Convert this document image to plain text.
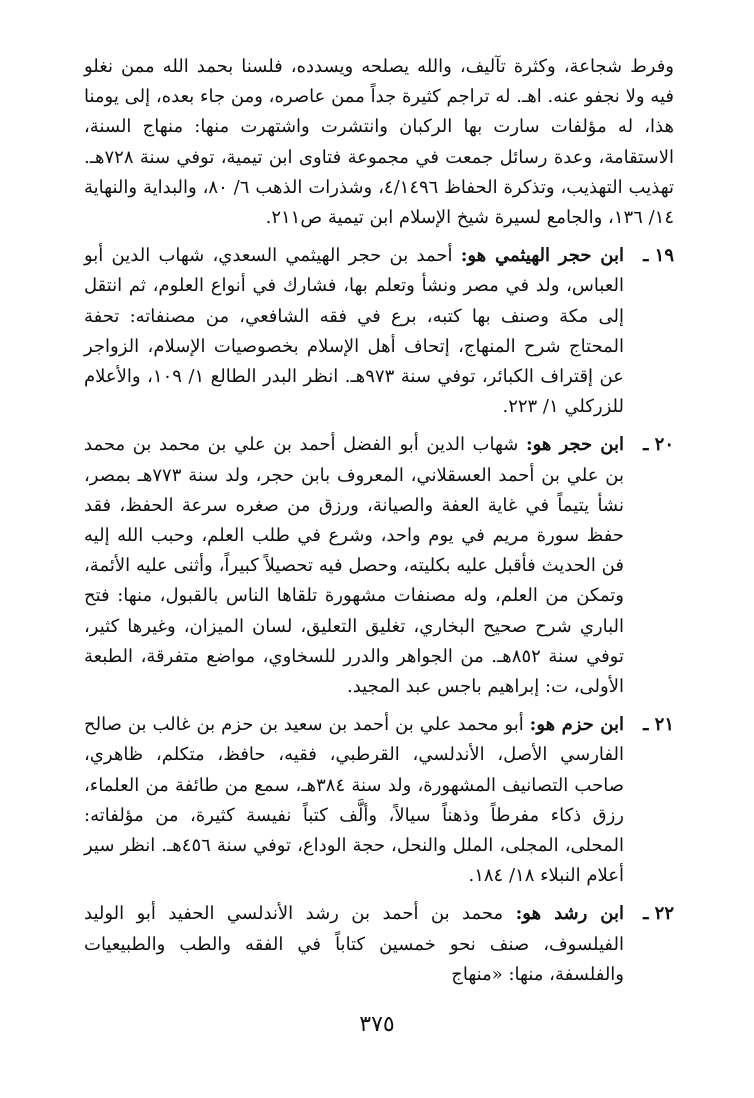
وفرط شجاعة، وكثرة تآليف، والله يصلحه ويسدده، فلسنا بحمد الله ممن نغلو فيه ولا نجفو عنه. اهـ. له تراجم كثيرة جداً ممن عاصره، ومن جاء بعده، إلى يومنا هذا، له مؤلفات سارت بها الركبان وانتشرت واشتهرت منها: منهاج السنة، الاستقامة، وعدة رسائل جمعت في مجموعة فتاوى ابن تيمية، توفي سنة ٧٢٨هـ. تهذيب التهذيب، وتذكرة الحفاظ ٤/١٤٩٦، وشذرات الذهب ٦/ ٨٠، والبداية والنهاية ١٤/ ١٣٦، والجامع لسيرة شيخ الإسلام ابن تيمية ص٢١١.

١٩ ـ
ابن حجر الهيثمي هو: أحمد بن حجر الهيثمي السعدي، شهاب الدين أبو العباس، ولد في مصر ونشأ وتعلم بها، فشارك في أنواع العلوم، ثم انتقل إلى مكة وصنف بها كتبه، برع في فقه الشافعي، من مصنفاته: تحفة المحتاج شرح المنهاج، إتحاف أهل الإسلام بخصوصيات الإسلام، الزواجر عن إقتراف الكبائر، توفي سنة ٩٧٣هـ. انظر البدر الطالع ١/ ١٠٩، والأعلام للزركلي ١/ ٢٢٣.
٢٠ ـ
ابن حجر هو: شهاب الدين أبو الفضل أحمد بن علي بن محمد بن محمد بن علي بن أحمد العسقلاني، المعروف بابن حجر، ولد سنة ٧٧٣هـ بمصر، نشأ يتيماً في غاية العفة والصيانة، ورزق من صغره سرعة الحفظ، فقد حفظ سورة مريم في يوم واحد، وشرع في طلب العلم، وحبب الله إليه فن الحديث فأقبل عليه بكليته، وحصل فيه تحصيلاً كبيراً، وأثنى عليه الأئمة، وتمكن من العلم، وله مصنفات مشهورة تلقاها الناس بالقبول، منها: فتح الباري شرح صحيح البخاري، تغليق التعليق، لسان الميزان، وغيرها كثير، توفي سنة ٨٥٢هـ. من الجواهر والدرر للسخاوي، مواضع متفرقة، الطبعة الأولى، ت: إبراهيم باجس عبد المجيد.
٢١ ـ
ابن حزم هو: أبو محمد علي بن أحمد بن سعيد بن حزم بن غالب بن صالح الفارسي الأصل، الأندلسي، القرطبي، فقيه، حافظ، متكلم، ظاهري، صاحب التصانيف المشهورة، ولد سنة ٣٨٤هـ، سمع من طائفة من العلماء، رزق ذكاء مفرطاً وذهناً سيالاً، وألَّف كتباً نفيسة كثيرة، من مؤلفاته: المحلى، المجلى، الملل والنحل، حجة الوداع، توفي سنة ٤٥٦هـ. انظر سير أعلام النبلاء ١٨/ ١٨٤.
٢٢ ـ
ابن رشد هو: محمد بن أحمد بن رشد الأندلسي الحفيد أبو الوليد الفيلسوف، صنف نحو خمسين كتاباً في الفقه والطب والطبيعيات والفلسفة، منها: «منهاج
٣٧٥
